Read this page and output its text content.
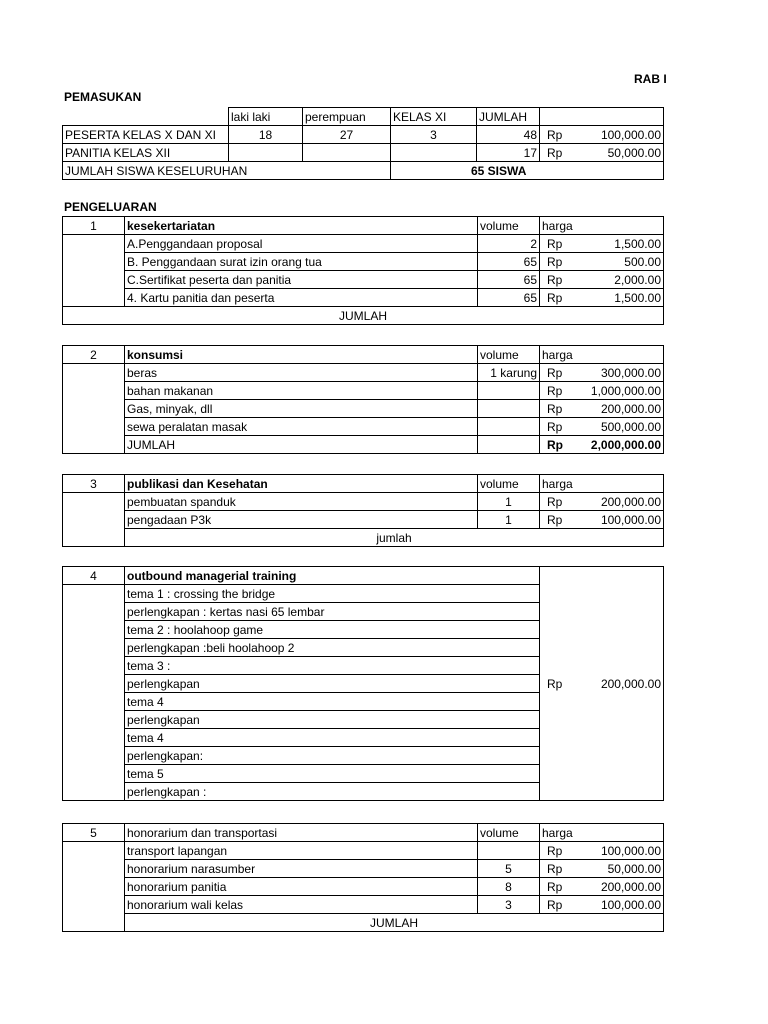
RAB I
PEMASUKAN
	laki laki	perempuan	KELAS XI	JUMLAH	
PESERTA KELAS X DAN XI	18	27	3	48	Rp 100,000.00

PANITIA KELAS XII				17	Rp 50,000.00

JUMLAH SISWA KESELURUHAN			65 SISWA		
PENGELUARAN
1	kesekertariatan	volume	harga
	A.Penggandaan proposal	2	Rp 1,500.00

	B. Penggandaan surat izin orang tua	65	Rp 500.00

	C.Sertifikat peserta dan panitia	65	Rp 2,000.00

	4. Kartu panitia dan peserta	65	Rp 1,500.00

JUMLAH			
2	konsumsi	volume	harga
	beras	1 karung	Rp 300,000.00

	bahan makanan		Rp 1,000,000.00

	Gas, minyak, dll		Rp 200,000.00

	sewa peralatan masak		Rp 500,000.00

	JUMLAH		Rp 2,000,000.00
3	publikasi dan Kesehatan	volume	harga
	pembuatan spanduk	1	Rp 200,000.00

	pengadaan P3k	1	Rp 100,000.00

	jumlah		
4	outbound managerial training	Rp 200,000.00

	tema 1 : crossing the bridge	
	perlengkapan : kertas nasi 65 lembar	
	tema 2 : hoolahoop game	
	perlengkapan :beli hoolahoop 2	
	tema 3 :	
	perlengkapan	
	tema 4	
	perlengkapan	
	tema 4	
	perlengkapan:	
	tema 5	
	perlengkapan :	
5	honorarium dan transportasi	volume	harga
	transport lapangan		Rp 100,000.00

	honorarium narasumber	5	Rp 50,000.00

	honorarium panitia	8	Rp 200,000.00

	honorarium wali kelas	3	Rp 100,000.00

	JUMLAH		
